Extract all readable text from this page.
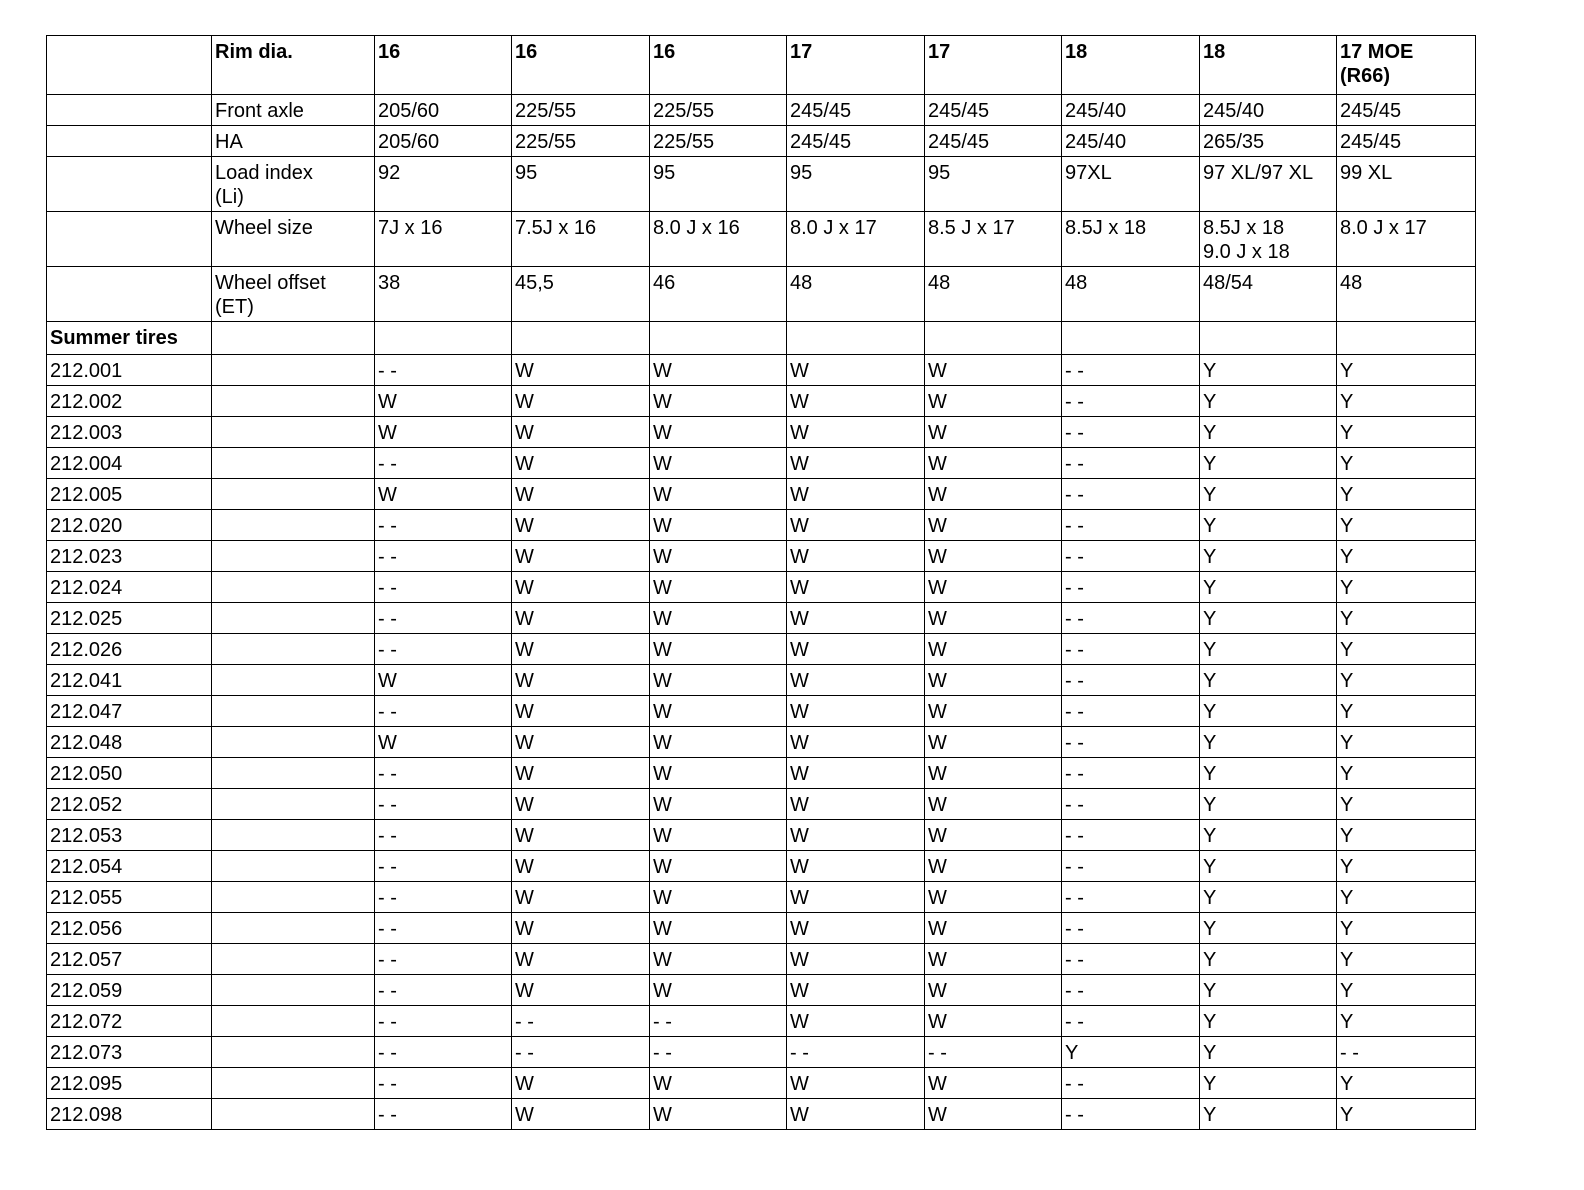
	Rim dia.	16	16	16	17	17	18	18	17 MOE
(R66)
	Front axle	205/60	225/55	225/55	245/45	245/45	245/40	245/40	245/45
	HA	205/60	225/55	225/55	245/45	245/45	245/40	265/35	245/45
	Load index
(Li)	92	95	95	95	95	97XL	97 XL/97 XL	99 XL
	Wheel size	7J x 16	7.5J x 16	8.0 J x 16	8.0 J x 17	8.5 J x 17	8.5J x 18	8.5J x 18
9.0 J x 18	8.0 J x 17
	Wheel offset
(ET)	38	45,5	46	48	48	48	48/54	48
Summer tires									
212.001		- -	W	W	W	W	- -	Y	Y
212.002		W	W	W	W	W	- -	Y	Y
212.003		W	W	W	W	W	- -	Y	Y
212.004		- -	W	W	W	W	- -	Y	Y
212.005		W	W	W	W	W	- -	Y	Y
212.020		- -	W	W	W	W	- -	Y	Y
212.023		- -	W	W	W	W	- -	Y	Y
212.024		- -	W	W	W	W	- -	Y	Y
212.025		- -	W	W	W	W	- -	Y	Y
212.026		- -	W	W	W	W	- -	Y	Y
212.041		W	W	W	W	W	- -	Y	Y
212.047		- -	W	W	W	W	- -	Y	Y
212.048		W	W	W	W	W	- -	Y	Y
212.050		- -	W	W	W	W	- -	Y	Y
212.052		- -	W	W	W	W	- -	Y	Y
212.053		- -	W	W	W	W	- -	Y	Y
212.054		- -	W	W	W	W	- -	Y	Y
212.055		- -	W	W	W	W	- -	Y	Y
212.056		- -	W	W	W	W	- -	Y	Y
212.057		- -	W	W	W	W	- -	Y	Y
212.059		- -	W	W	W	W	- -	Y	Y
212.072		- -	- -	- -	W	W	- -	Y	Y
212.073		- -	- -	- -	- -	- -	Y	Y	- -
212.095		- -	W	W	W	W	- -	Y	Y
212.098		- -	W	W	W	W	- -	Y	Y
